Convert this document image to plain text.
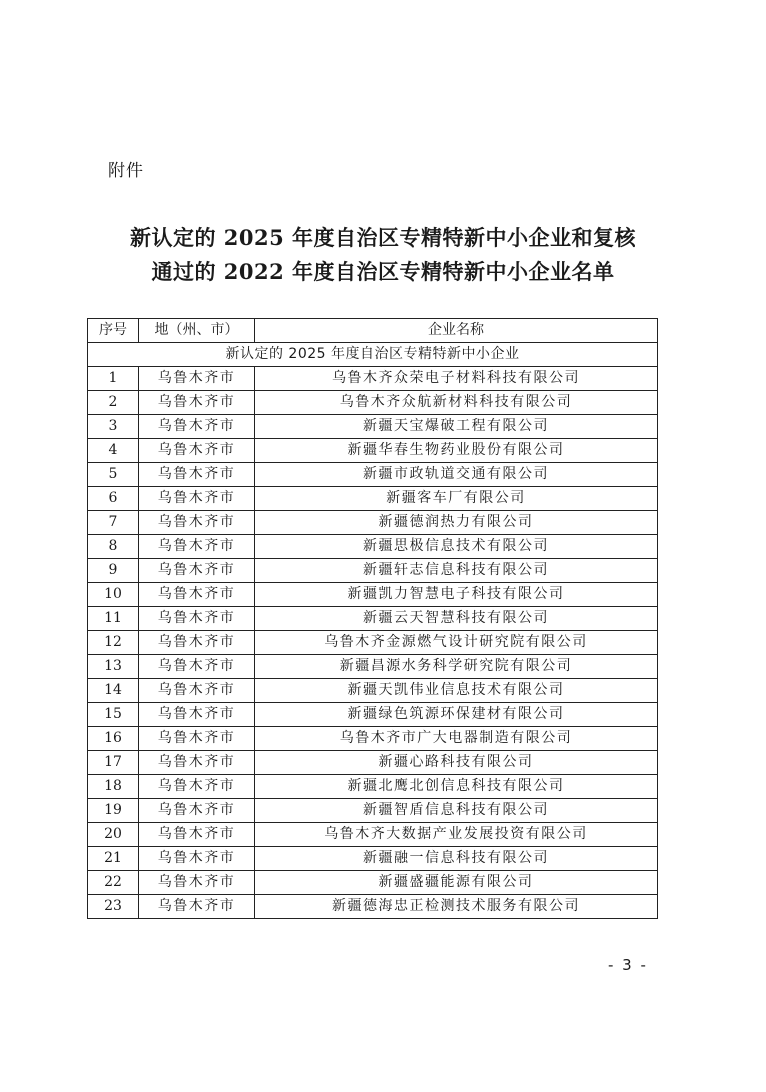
附件
新认定的 2025 年度自治区专精特新中小企业和复核
通过的 2022 年度自治区专精特新中小企业名单
序号	地（州、市）	企业名称
新认定的 2025 年度自治区专精特新中小企业		
1	乌鲁木齐市	乌鲁木齐众荣电子材料科技有限公司
2	乌鲁木齐市	乌鲁木齐众航新材料科技有限公司
3	乌鲁木齐市	新疆天宝爆破工程有限公司
4	乌鲁木齐市	新疆华春生物药业股份有限公司
5	乌鲁木齐市	新疆市政轨道交通有限公司
6	乌鲁木齐市	新疆客车厂有限公司
7	乌鲁木齐市	新疆德润热力有限公司
8	乌鲁木齐市	新疆思极信息技术有限公司
9	乌鲁木齐市	新疆轩志信息科技有限公司
10	乌鲁木齐市	新疆凯力智慧电子科技有限公司
11	乌鲁木齐市	新疆云天智慧科技有限公司
12	乌鲁木齐市	乌鲁木齐金源燃气设计研究院有限公司
13	乌鲁木齐市	新疆昌源水务科学研究院有限公司
14	乌鲁木齐市	新疆天凯伟业信息技术有限公司
15	乌鲁木齐市	新疆绿色筑源环保建材有限公司
16	乌鲁木齐市	乌鲁木齐市广大电器制造有限公司
17	乌鲁木齐市	新疆心路科技有限公司
18	乌鲁木齐市	新疆北鹰北创信息科技有限公司
19	乌鲁木齐市	新疆智盾信息科技有限公司
20	乌鲁木齐市	乌鲁木齐大数据产业发展投资有限公司
21	乌鲁木齐市	新疆融一信息科技有限公司
22	乌鲁木齐市	新疆盛疆能源有限公司
23	乌鲁木齐市	新疆德海忠正检测技术服务有限公司
- 3 -
